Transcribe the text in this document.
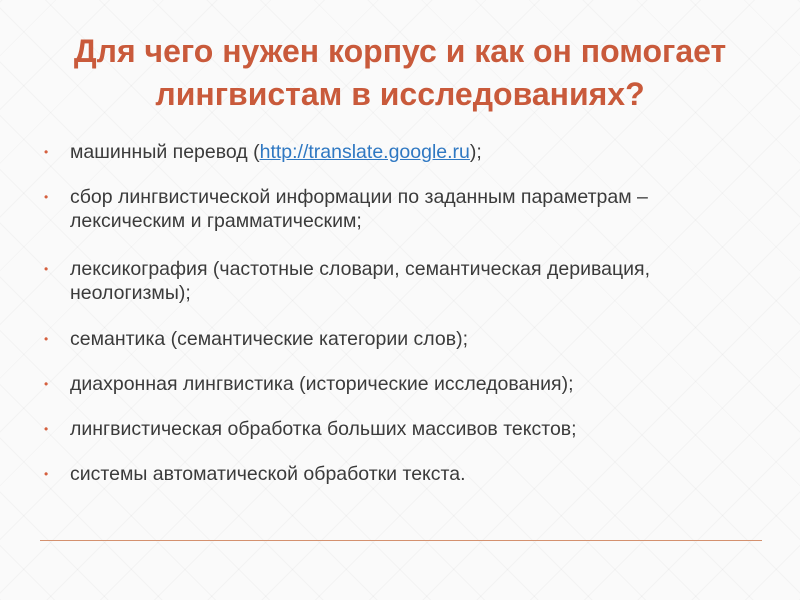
Для чего нужен корпус и как он помогает лингвистам в исследованиях?
• машинный перевод (http://translate.google.ru);
• сбор лингвистической информации по заданным параметрам – лексическим и грамматическим;
• лексикография (частотные словари, семантическая деривация, неологизмы);
• семантика (семантические категории слов);
• диахронная лингвистика (исторические исследования);
• лингвистическая обработка больших массивов текстов;
• системы автоматической обработки текста.
